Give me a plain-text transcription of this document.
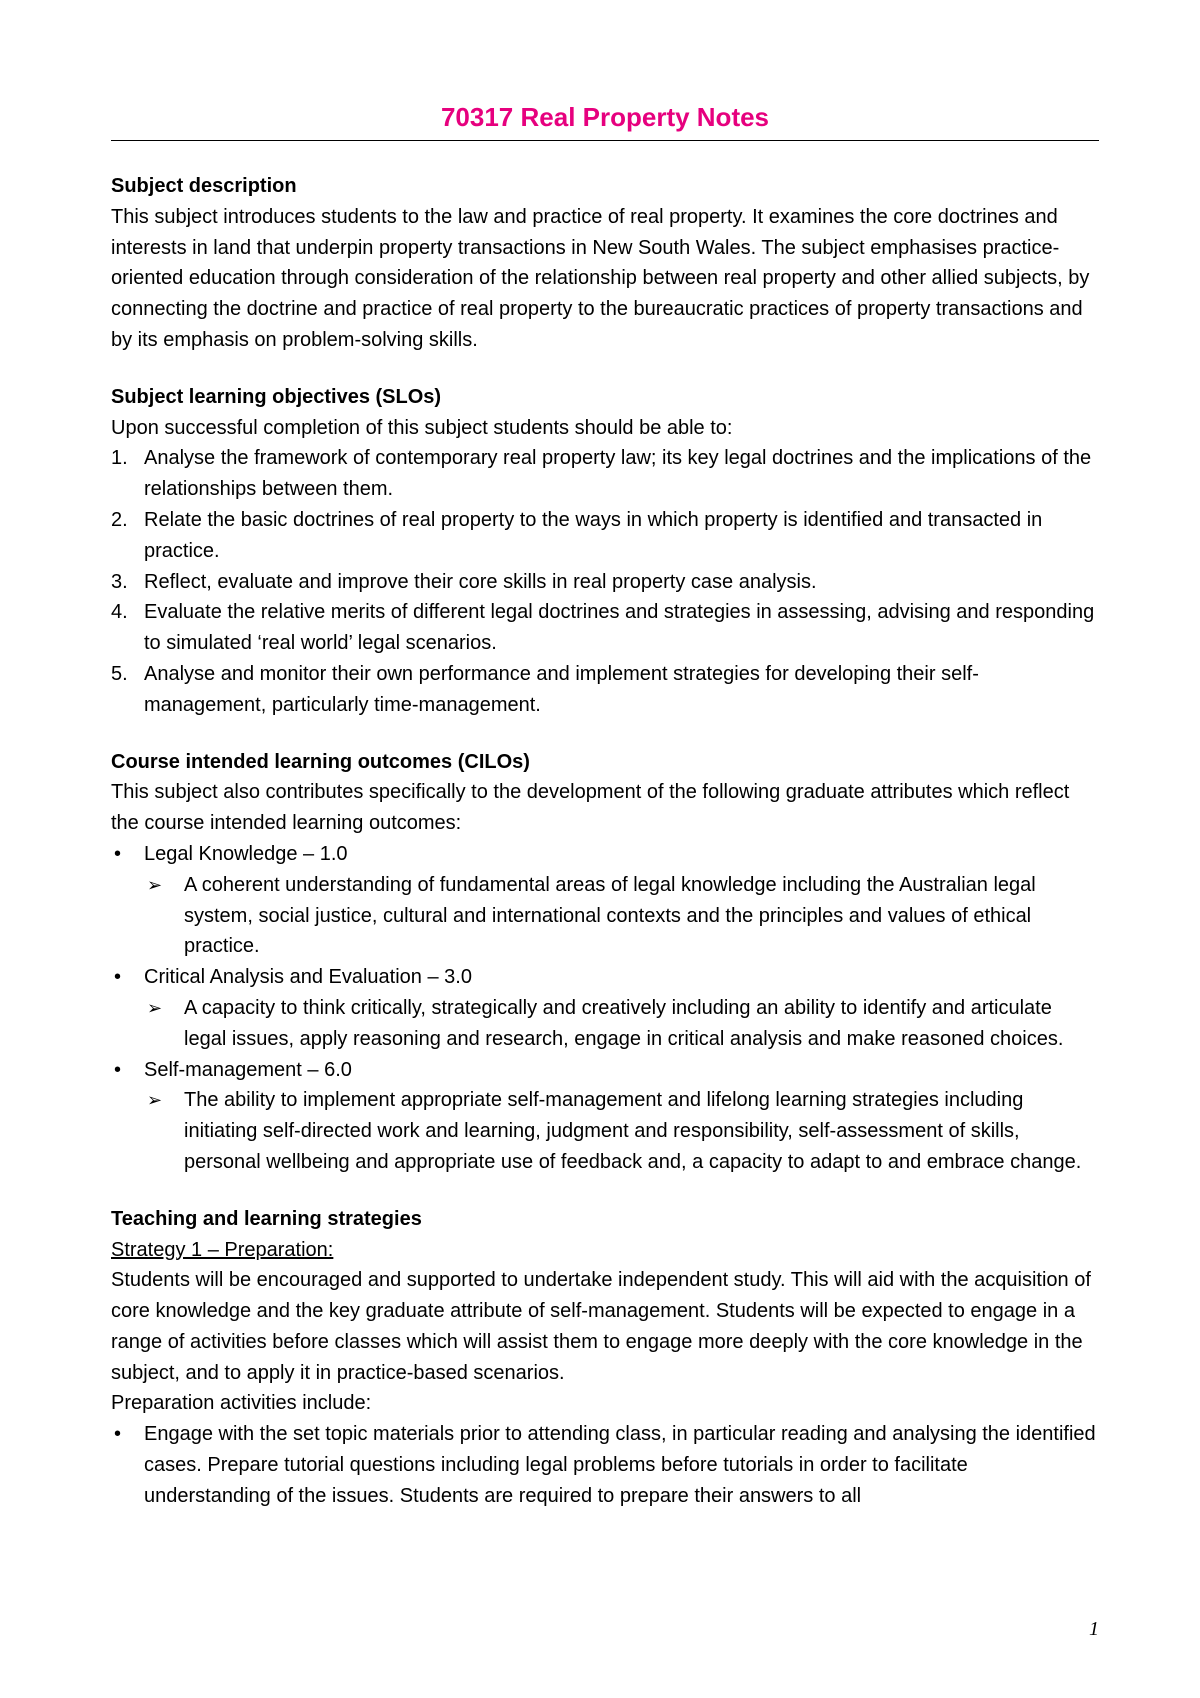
70317 Real Property Notes

Subject description

This subject introduces students to the law and practice of real property. It examines the core doctrines and interests in land that underpin property transactions in New South Wales. The subject emphasises practice-oriented education through consideration of the relationship between real property and other allied subjects, by connecting the doctrine and practice of real property to the bureaucratic practices of property transactions and by its emphasis on problem-solving skills.

Subject learning objectives (SLOs)

Upon successful completion of this subject students should be able to:

1. Analyse the framework of contemporary real property law; its key legal doctrines and the implications of the relationships between them.
2. Relate the basic doctrines of real property to the ways in which property is identified and transacted in practice.
3. Reflect, evaluate and improve their core skills in real property case analysis.
4. Evaluate the relative merits of different legal doctrines and strategies in assessing, advising and responding to simulated ‘real world’ legal scenarios.
5. Analyse and monitor their own performance and implement strategies for developing their self-management, particularly time-management.

Course intended learning outcomes (CILOs)

This subject also contributes specifically to the development of the following graduate attributes which reflect the course intended learning outcomes:

• Legal Knowledge – 1.0
➢ A coherent understanding of fundamental areas of legal knowledge including the Australian legal system, social justice, cultural and international contexts and the principles and values of ethical practice.
• Critical Analysis and Evaluation – 3.0
➢ A capacity to think critically, strategically and creatively including an ability to identify and articulate legal issues, apply reasoning and research, engage in critical analysis and make reasoned choices.
• Self-management – 6.0
➢ The ability to implement appropriate self-management and lifelong learning strategies including initiating self-directed work and learning, judgment and responsibility, self-assessment of skills, personal wellbeing and appropriate use of feedback and, a capacity to adapt to and embrace change.

Teaching and learning strategies

Strategy 1 – Preparation:

Students will be encouraged and supported to undertake independent study. This will aid with the acquisition of core knowledge and the key graduate attribute of self-management. Students will be expected to engage in a range of activities before classes which will assist them to engage more deeply with the core knowledge in the subject, and to apply it in practice-based scenarios.

Preparation activities include:

• Engage with the set topic materials prior to attending class, in particular reading and analysing the identified cases. Prepare tutorial questions including legal problems before tutorials in order to facilitate understanding of the issues. Students are required to prepare their answers to all
1
